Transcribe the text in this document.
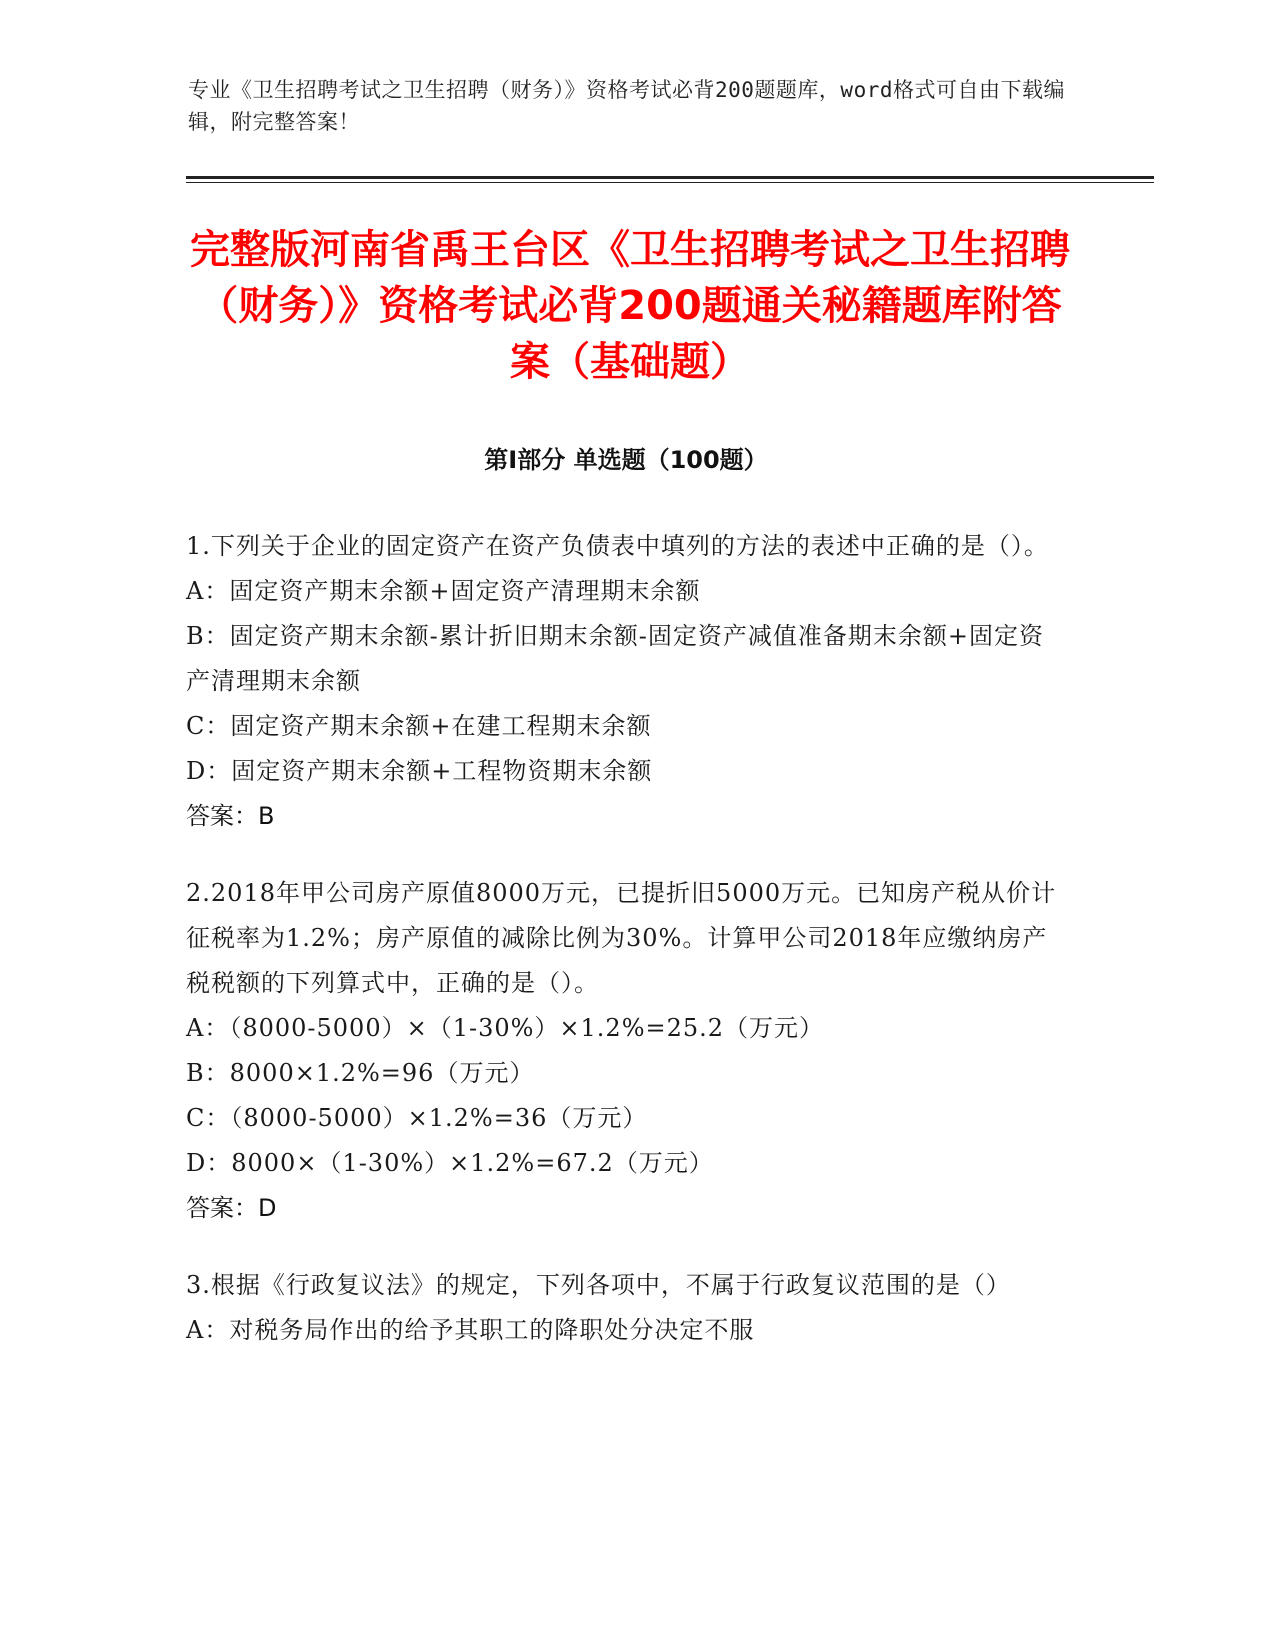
专业《卫生招聘考试之卫生招聘（财务）》资格考试必背200题题库，word格式可自由下载编辑，附完整答案！
完整版河南省禹王台区《卫生招聘考试之卫生招聘（财务）》资格考试必背200题通关秘籍题库附答案（基础题）
第I部分 单选题（100题）
1.下列关于企业的固定资产在资产负债表中填列的方法的表述中正确的是（）。
A：固定资产期末余额+固定资产清理期末余额
B：固定资产期末余额-累计折旧期末余额-固定资产减值准备期末余额+固定资产清理期末余额
C：固定资产期末余额+在建工程期末余额
D：固定资产期末余额+工程物资期末余额
答案：B
2.2018年甲公司房产原值8000万元，已提折旧5000万元。已知房产税从价计征税率为1.2%；房产原值的减除比例为30%。计算甲公司2018年应缴纳房产税税额的下列算式中，正确的是（）。
A：（8000-5000）×（1-30%）×1.2%=25.2（万元）
B：8000×1.2%=96（万元）
C：（8000-5000）×1.2%=36（万元）
D：8000×（1-30%）×1.2%=67.2（万元）
答案：D
3.根据《行政复议法》的规定，下列各项中，不属于行政复议范围的是（）
A：对税务局作出的给予其职工的降职处分决定不服
